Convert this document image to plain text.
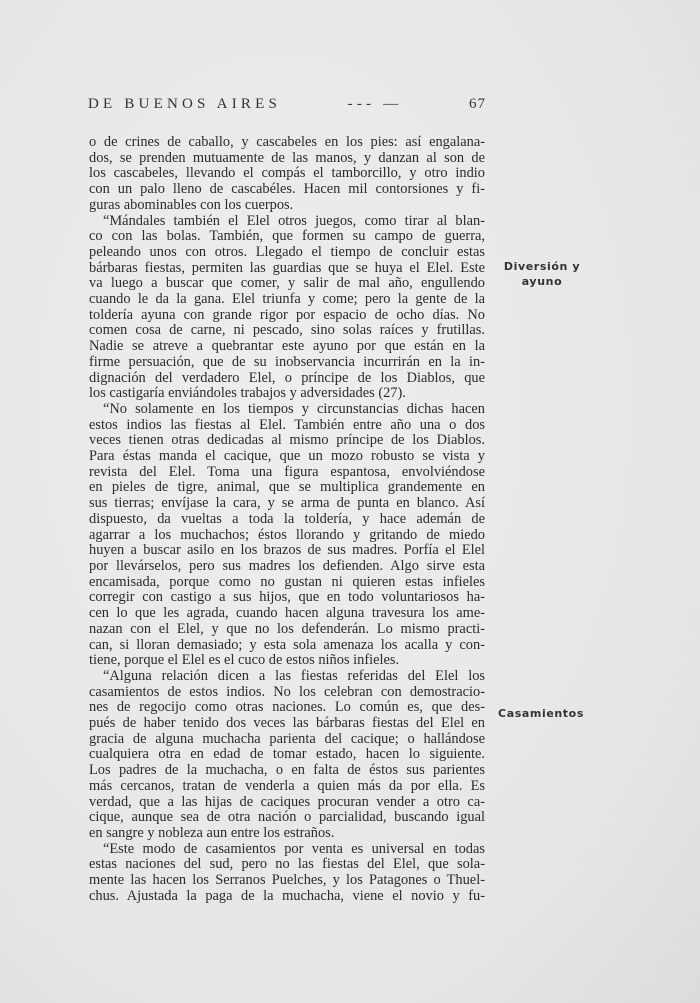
DE BUENOS AIRES	--- —	67

o de crines de caballo, y cascabeles en los pies: así engalana-

dos, se prenden mutuamente de las manos, y danzan al son de

los cascabeles, llevando el compás el tamborcillo, y otro indio

con un palo lleno de cascabéles. Hacen mil contorsiones y fi-

guras abominables con los cuerpos.

“Mándales también el Elel otros juegos, como tirar al blan-

co con las bolas. También, que formen su campo de guerra,

peleando unos con otros. Llegado el tiempo de concluir estas

bárbaras fiestas, permiten las guardias que se huya el Elel. Este

va luego a buscar que comer, y salir de mal año, engullendo

cuando le da la gana. Elel triunfa y come; pero la gente de la

toldería ayuna con grande rigor por espacio de ocho días. No

comen cosa de carne, ni pescado, sino solas raíces y frutillas.

Nadie se atreve a quebrantar este ayuno por que están en la

firme persuación, que de su inobservancia incurrirán en la in-

dignación del verdadero Elel, o príncipe de los Diablos, que

los castigaría enviándoles trabajos y adversidades (27).

“No solamente en los tiempos y circunstancias dichas hacen

estos indios las fiestas al Elel. También entre año una o dos

veces tienen otras dedicadas al mismo príncipe de los Diablos.

Para éstas manda el cacique, que un mozo robusto se vista y

revista del Elel. Toma una figura espantosa, envolviéndose

en pieles de tigre, animal, que se multiplica grandemente en

sus tierras; envíjase la cara, y se arma de punta en blanco. Así

dispuesto, da vueltas a toda la toldería, y hace ademán de

agarrar a los muchachos; éstos llorando y gritando de miedo

huyen a buscar asilo en los brazos de sus madres. Porfía el Elel

por llevárselos, pero sus madres los defienden. Algo sirve esta

encamisada, porque como no gustan ni quieren estas infieles

corregir con castigo a sus hijos, que en todo voluntariosos ha-

cen lo que les agrada, cuando hacen alguna travesura los ame-

nazan con el Elel, y que no los defenderán. Lo mismo practi-

can, si lloran demasiado; y esta sola amenaza los acalla y con-

tiene, porque el Elel es el cuco de estos niños infieles.

“Alguna relación dicen a las fiestas referidas del Elel los

casamientos de estos indios. No los celebran con demostracio-

nes de regocijo como otras naciones. Lo común es, que des-

pués de haber tenido dos veces las bárbaras fiestas del Elel en

gracia de alguna muchacha parienta del cacique; o hallándose

cualquiera otra en edad de tomar estado, hacen lo siguiente.

Los padres de la muchacha, o en falta de éstos sus parientes

más cercanos, tratan de venderla a quien más da por ella. Es

verdad, que a las hijas de caciques procuran vender a otro ca-

cique, aunque sea de otra nación o parcialidad, buscando igual

en sangre y nobleza aun entre los estraños.

“Este modo de casamientos por venta es universal en todas

estas naciones del sud, pero no las fiestas del Elel, que sola-

mente las hacen los Serranos Puelches, y los Patagones o Thuel-

chus. Ajustada la paga de la muchacha, viene el novio y fu-

Diversión y
ayuno
Casamientos
